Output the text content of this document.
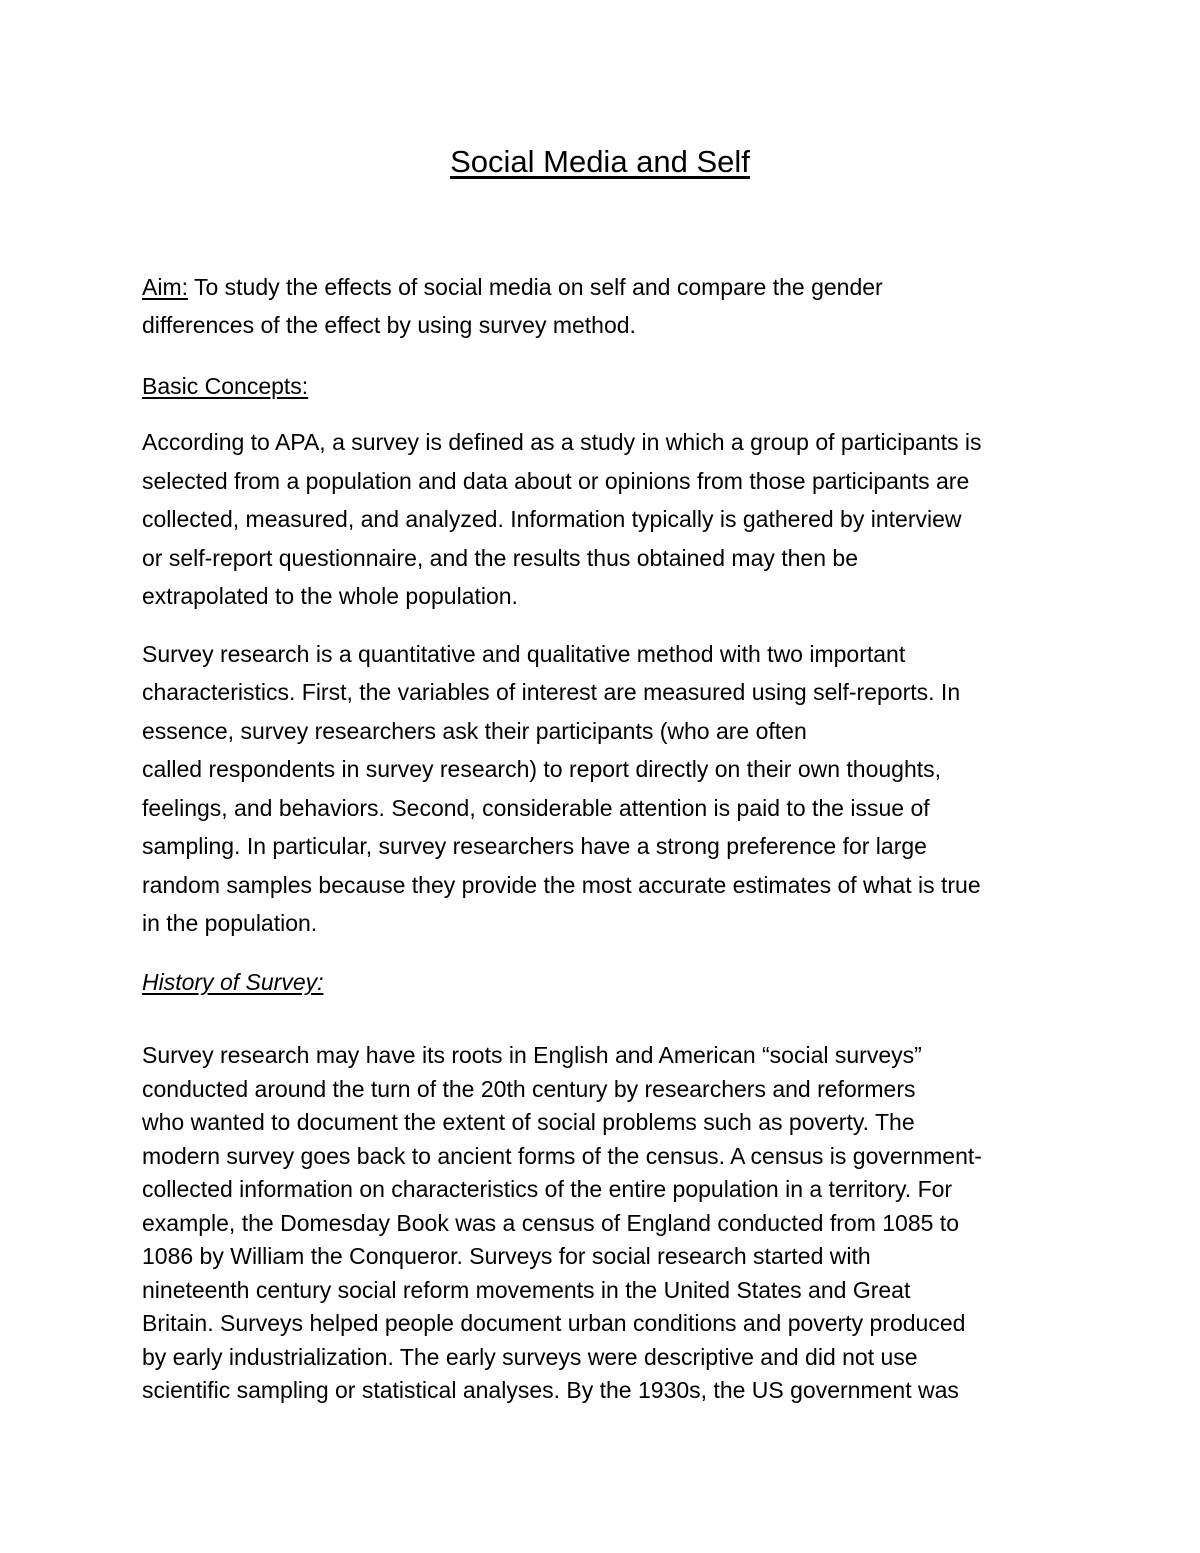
Social Media and Self
Aim: To study the effects of social media on self and compare the gender
differences of the effect by using survey method.
Basic Concepts:
According to APA, a survey is defined as a study in which a group of participants is
selected from a population and data about or opinions from those participants are
collected, measured, and analyzed. Information typically is gathered by interview
or self-report questionnaire, and the results thus obtained may then be
extrapolated to the whole population.
Survey research is a quantitative and qualitative method with two important
characteristics. First, the variables of interest are measured using self-reports. In
essence, survey researchers ask their participants (who are often
called respondents in survey research) to report directly on their own thoughts,
feelings, and behaviors. Second, considerable attention is paid to the issue of
sampling. In particular, survey researchers have a strong preference for large
random samples because they provide the most accurate estimates of what is true
in the population.
History of Survey:
Survey research may have its roots in English and American “social surveys”
conducted around the turn of the 20th century by researchers and reformers
who wanted to document the extent of social problems such as poverty. The
modern survey goes back to ancient forms of the census. A census is government-
collected information on characteristics of the entire population in a territory. For
example, the Domesday Book was a census of England conducted from 1085 to
1086 by William the Conqueror. Surveys for social research started with
nineteenth century social reform movements in the United States and Great
Britain. Surveys helped people document urban conditions and poverty produced
by early industrialization. The early surveys were descriptive and did not use
scientific sampling or statistical analyses. By the 1930s, the US government was
